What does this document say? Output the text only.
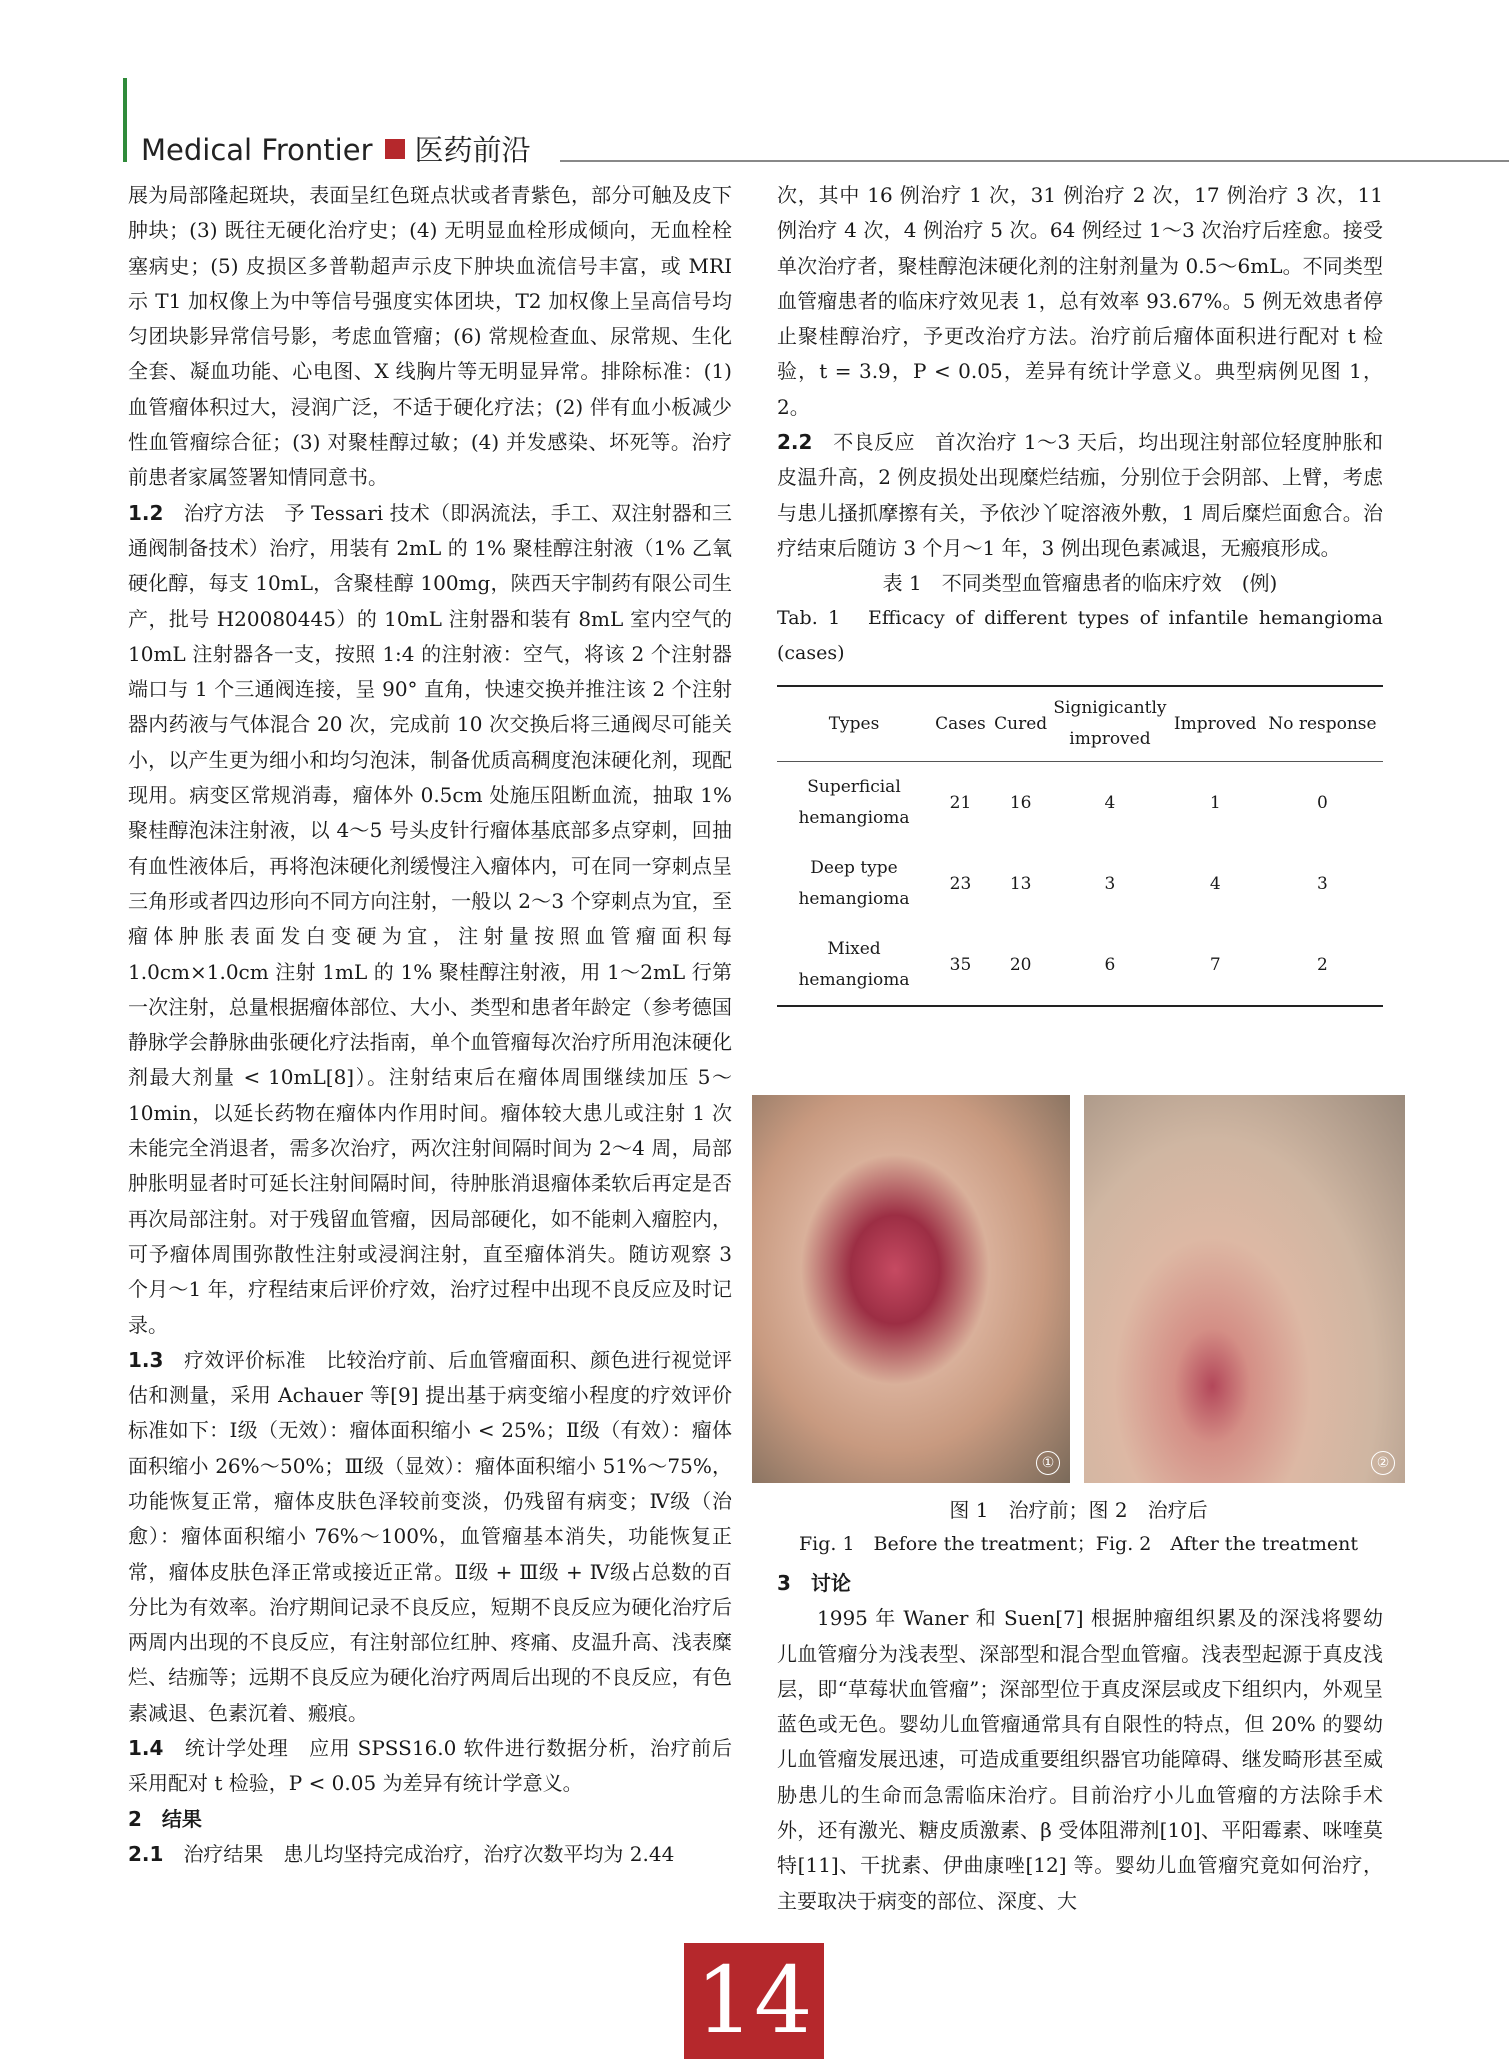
Medical Frontier 医药前沿

展为局部隆起斑块，表面呈红色斑点状或者青紫色，部分可触及皮下肿块；(3) 既往无硬化治疗史；(4) 无明显血栓形成倾向，无血栓栓塞病史；(5) 皮损区多普勒超声示皮下肿块血流信号丰富，或 MRI 示 T1 加权像上为中等信号强度实体团块，T2 加权像上呈高信号均匀团块影异常信号影，考虑血管瘤；(6) 常规检查血、尿常规、生化全套、凝血功能、心电图、X 线胸片等无明显异常。排除标准：(1) 血管瘤体积过大，浸润广泛，不适于硬化疗法；(2) 伴有血小板减少性血管瘤综合征；(3) 对聚桂醇过敏；(4) 并发感染、坏死等。治疗前患者家属签署知情同意书。

1.2　 治疗方法　予 Tessari 技术（即涡流法，手工、双注射器和三通阀制备技术）治疗，用装有 2mL 的 1% 聚桂醇注射液（1% 乙氧硬化醇，每支 10mL，含聚桂醇 100mg，陕西天宇制药有限公司生产，批号 H20080445）的 10mL 注射器和装有 8mL 室内空气的 10mL 注射器各一支，按照 1:4 的注射液：空气，将该 2 个注射器端口与 1 个三通阀连接，呈 90° 直角，快速交换并推注该 2 个注射器内药液与气体混合 20 次，完成前 10 次交换后将三通阀尽可能关小，以产生更为细小和均匀泡沫，制备优质高稠度泡沫硬化剂，现配现用。病变区常规消毒，瘤体外 0.5cm 处施压阻断血流，抽取 1% 聚桂醇泡沫注射液，以 4～5 号头皮针行瘤体基底部多点穿刺，回抽有血性液体后，再将泡沫硬化剂缓慢注入瘤体内，可在同一穿刺点呈三角形或者四边形向不同方向注射，一般以 2～3 个穿刺点为宜，至瘤体肿胀表面发白变硬为宜，注射量按照血管瘤面积每 1.0cm×1.0cm 注射 1mL 的 1% 聚桂醇注射液，用 1～2mL 行第一次注射，总量根据瘤体部位、大小、类型和患者年龄定（参考德国静脉学会静脉曲张硬化疗法指南，单个血管瘤每次治疗所用泡沫硬化剂最大剂量 < 10mL[8]）。注射结束后在瘤体周围继续加压 5～10min，以延长药物在瘤体内作用时间。瘤体较大患儿或注射 1 次未能完全消退者，需多次治疗，两次注射间隔时间为 2～4 周，局部肿胀明显者时可延长注射间隔时间，待肿胀消退瘤体柔软后再定是否再次局部注射。对于残留血管瘤，因局部硬化，如不能刺入瘤腔内，可予瘤体周围弥散性注射或浸润注射，直至瘤体消失。随访观察 3 个月～1 年，疗程结束后评价疗效，治疗过程中出现不良反应及时记录。

1.3　 疗效评价标准　比较治疗前、后血管瘤面积、颜色进行视觉评估和测量，采用 Achauer 等[9] 提出基于病变缩小程度的疗效评价标准如下：Ⅰ级（无效）：瘤体面积缩小 < 25%；Ⅱ级（有效）：瘤体面积缩小 26%～50%；Ⅲ级（显效）：瘤体面积缩小 51%～75%，功能恢复正常，瘤体皮肤色泽较前变淡，仍残留有病变；Ⅳ级（治愈）：瘤体面积缩小 76%～100%，血管瘤基本消失，功能恢复正常，瘤体皮肤色泽正常或接近正常。Ⅱ级 + Ⅲ级 + Ⅳ级占总数的百分比为有效率。治疗期间记录不良反应，短期不良反应为硬化治疗后两周内出现的不良反应，有注射部位红肿、疼痛、皮温升高、浅表糜烂、结痂等；远期不良反应为硬化治疗两周后出现的不良反应，有色素减退、色素沉着、瘢痕。

1.4　 统计学处理　应用 SPSS16.0 软件进行数据分析，治疗前后采用配对 t 检验，P < 0.05 为差异有统计学意义。

2　结果

2.1　 治疗结果　患儿均坚持完成治疗，治疗次数平均为 2.44

次，其中 16 例治疗 1 次，31 例治疗 2 次，17 例治疗 3 次，11 例治疗 4 次，4 例治疗 5 次。64 例经过 1～3 次治疗后痊愈。接受单次治疗者，聚桂醇泡沫硬化剂的注射剂量为 0.5～6mL。不同类型血管瘤患者的临床疗效见表 1，总有效率 93.67%。5 例无效患者停止聚桂醇治疗，予更改治疗方法。治疗前后瘤体面积进行配对 t 检验，t = 3.9，P < 0.05，差异有统计学意义。典型病例见图 1，2。

2.2　 不良反应　首次治疗 1～3 天后，均出现注射部位轻度肿胀和皮温升高，2 例皮损处出现糜烂结痂，分别位于会阴部、上臂，考虑与患儿搔抓摩擦有关，予依沙丫啶溶液外敷，1 周后糜烂面愈合。治疗结束后随访 3 个月～1 年，3 例出现色素减退，无瘢痕形成。

表 1　不同类型血管瘤患者的临床疗效　(例)
Tab. 1　Efficacy of different types of infantile hemangioma　(cases)
Types	Cases	Cured	Signigicantly improved	Improved	No response
Superficial hemangioma	21	16	4	1	0
Deep type hemangioma	23	13	3	4	3
Mixed hemangioma	35	20	6	7	2
①	②
图 1　治疗前；图 2　治疗后
Fig. 1　Before the treatment；Fig. 2　After the treatment
3　讨论

1995 年 Waner 和 Suen[7] 根据肿瘤组织累及的深浅将婴幼儿血管瘤分为浅表型、深部型和混合型血管瘤。浅表型起源于真皮浅层，即“草莓状血管瘤”；深部型位于真皮深层或皮下组织内，外观呈蓝色或无色。婴幼儿血管瘤通常具有自限性的特点，但 20% 的婴幼儿血管瘤发展迅速，可造成重要组织器官功能障碍、继发畸形甚至威胁患儿的生命而急需临床治疗。目前治疗小儿血管瘤的方法除手术外，还有激光、糖皮质激素、β 受体阻滞剂[10]、平阳霉素、咪喹莫特[11]、干扰素、伊曲康唑[12] 等。婴幼儿血管瘤究竟如何治疗，主要取决于病变的部位、深度、大

14
